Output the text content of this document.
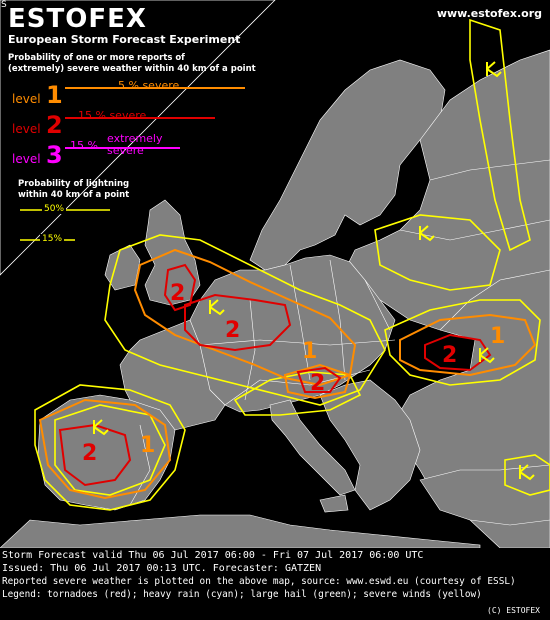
2
2
1
2
2 1
2
1
S ESTOFEX
European Storm Forecast Experiment
www.estofex.org
Probability of one or more reports of
(extremely) severe weather within 40 km of a point
level 1	5 % severe
level 2 15 % severe
level 3 15 %
extremely
severe
Probability of lightning
within 40 km of a point
50%
15%
Storm Forecast valid Thu 06 Jul 2017 06:00 - Fri 07 Jul 2017 06:00 UTC
Issued: Thu 06 Jul 2017 00:13 UTC. Forecaster: GATZEN
Reported severe weather is plotted on the above map, source: www.eswd.eu (courtesy of ESSL)
Legend: tornadoes (red); heavy rain (cyan); large hail (green); severe winds (yellow)
(C) ESTOFEX
